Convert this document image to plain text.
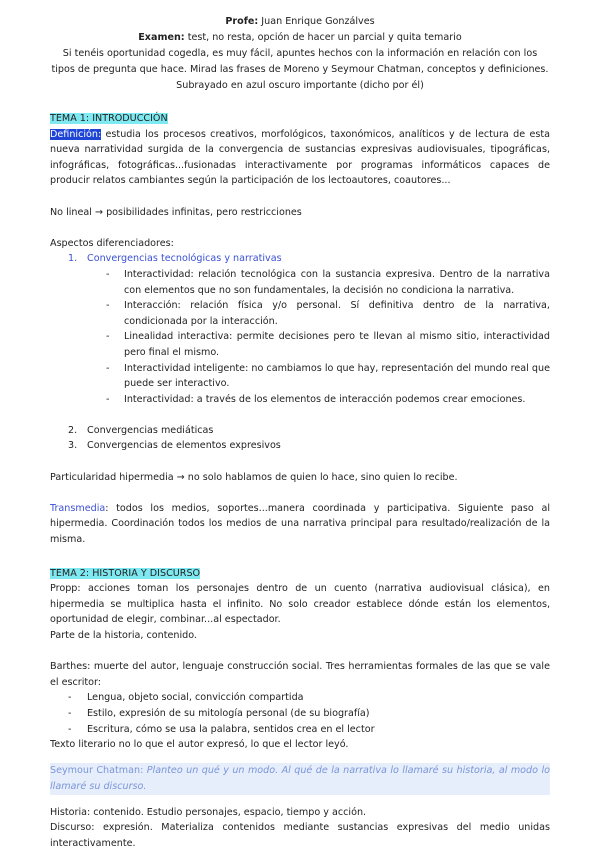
Profe: Juan Enrique Gonzálves
Examen: test, no resta, opción de hacer un parcial y quita temario
Si tenéis oportunidad cogedla, es muy fácil, apuntes hechos con la información en relación con los tipos de pregunta que hace. Mirad las frases de Moreno y Seymour Chatman, conceptos y definiciones. Subrayado en azul oscuro importante (dicho por él)
TEMA 1: INTRODUCCIÓN
Definición: estudia los procesos creativos, morfológicos, taxonómicos, analíticos y de lectura de esta nueva narratividad surgida de la convergencia de sustancias expresivas audiovisuales, tipográficas, infográficas, fotográficas...fusionadas interactivamente por programas informáticos capaces de producir relatos cambiantes según la participación de los lectoautores, coautores...
No lineal → posibilidades infinitas, pero restricciones
Aspectos diferenciadores:
1. Convergencias tecnológicas y narrativas
- Interactividad: relación tecnológica con la sustancia expresiva. Dentro de la narrativa con elementos que no son fundamentales, la decisión no condiciona la narrativa.
- Interacción: relación física y/o personal. Sí definitiva dentro de la narrativa, condicionada por la interacción.
- Linealidad interactiva: permite decisiones pero te llevan al mismo sitio, interactividad pero final el mismo.
- Interactividad inteligente: no cambiamos lo que hay, representación del mundo real que puede ser interactivo.
- Interactividad: a través de los elementos de interacción podemos crear emociones.
2. Convergencias mediáticas
3. Convergencias de elementos expresivos
Particularidad hipermedia → no solo hablamos de quien lo hace, sino quien lo recibe.
Transmedia: todos los medios, soportes...manera coordinada y participativa. Siguiente paso al hipermedia. Coordinación todos los medios de una narrativa principal para resultado/realización de la misma.
TEMA 2: HISTORIA Y DISCURSO
Propp: acciones toman los personajes dentro de un cuento (narrativa audiovisual clásica), en hipermedia se multiplica hasta el infinito. No solo creador establece dónde están los elementos, oportunidad de elegir, combinar...al espectador.
Parte de la historia, contenido.
Barthes: muerte del autor, lenguaje construcción social. Tres herramientas formales de las que se vale el escritor:
- Lengua, objeto social, convicción compartida
- Estilo, expresión de su mitología personal (de su biografía)
- Escritura, cómo se usa la palabra, sentidos crea en el lector
Texto literario no lo que el autor expresó, lo que el lector leyó.
Seymour Chatman: Planteo un qué y un modo. Al qué de la narrativa lo llamaré su historia, al modo lo llamaré su discurso.
Historia: contenido. Estudio personajes, espacio, tiempo y acción.
Discurso: expresión. Materializa contenidos mediante sustancias expresivas del medio unidas interactivamente.
